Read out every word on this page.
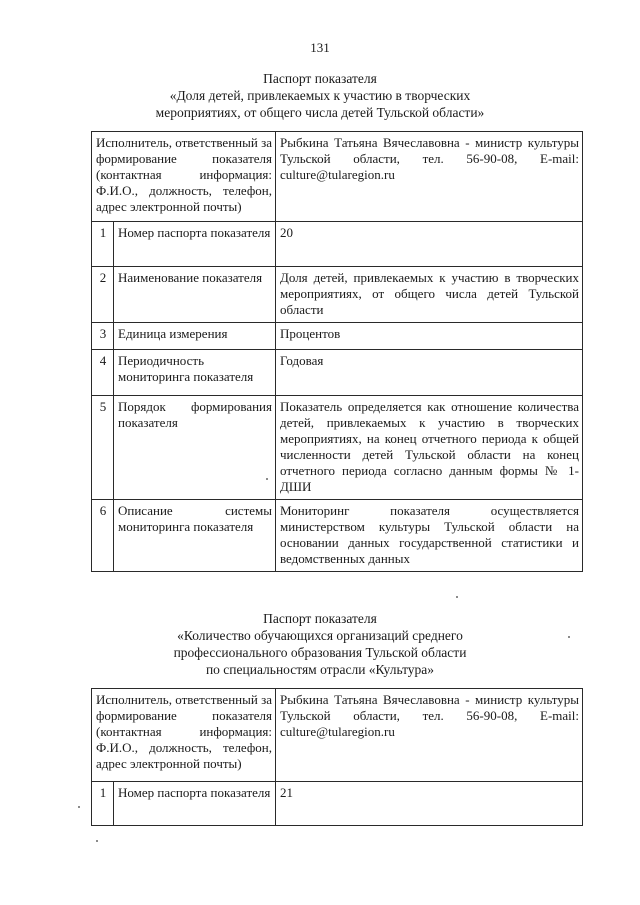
131
Паспорт показателя
«Доля детей, привлекаемых к участию в творческих
мероприятиях, от общего числа детей Тульской области»
Исполнитель, ответственный за формирование показателя (контактная информация: Ф.И.О., должность, телефон, адрес электронной почты)		Рыбкина Татьяна Вячеславовна - министр культуры Тульской области, тел. 56-90-08, E-mail: culture@tularegion.ru
1	Номер паспорта показателя	20
2	Наименование показателя	Доля детей, привлекаемых к участию в творческих мероприятиях, от общего числа детей Тульской области
3	Единица измерения	Процентов
4	Периодичность мониторинга показателя	Годовая
5	Порядок формирования показателя	Показатель определяется как отношение количества детей, привлекаемых к участию в творческих мероприятиях, на конец отчетного периода к общей численности детей Тульской области на конец отчетного периода согласно данным формы № 1-ДШИ
6	Описание системы мониторинга показателя	Мониторинг показателя осуществляется министерством культуры Тульской области на основании данных государственной статистики и ведомственных данных
Паспорт показателя
«Количество обучающихся организаций среднего
профессионального образования Тульской области
по специальностям отрасли «Культура»
Исполнитель, ответственный за формирование показателя (контактная информация: Ф.И.О., должность, телефон, адрес электронной почты)		Рыбкина Татьяна Вячеславовна - министр культуры Тульской области, тел. 56-90-08, E-mail: culture@tularegion.ru
1	Номер паспорта показателя	21
